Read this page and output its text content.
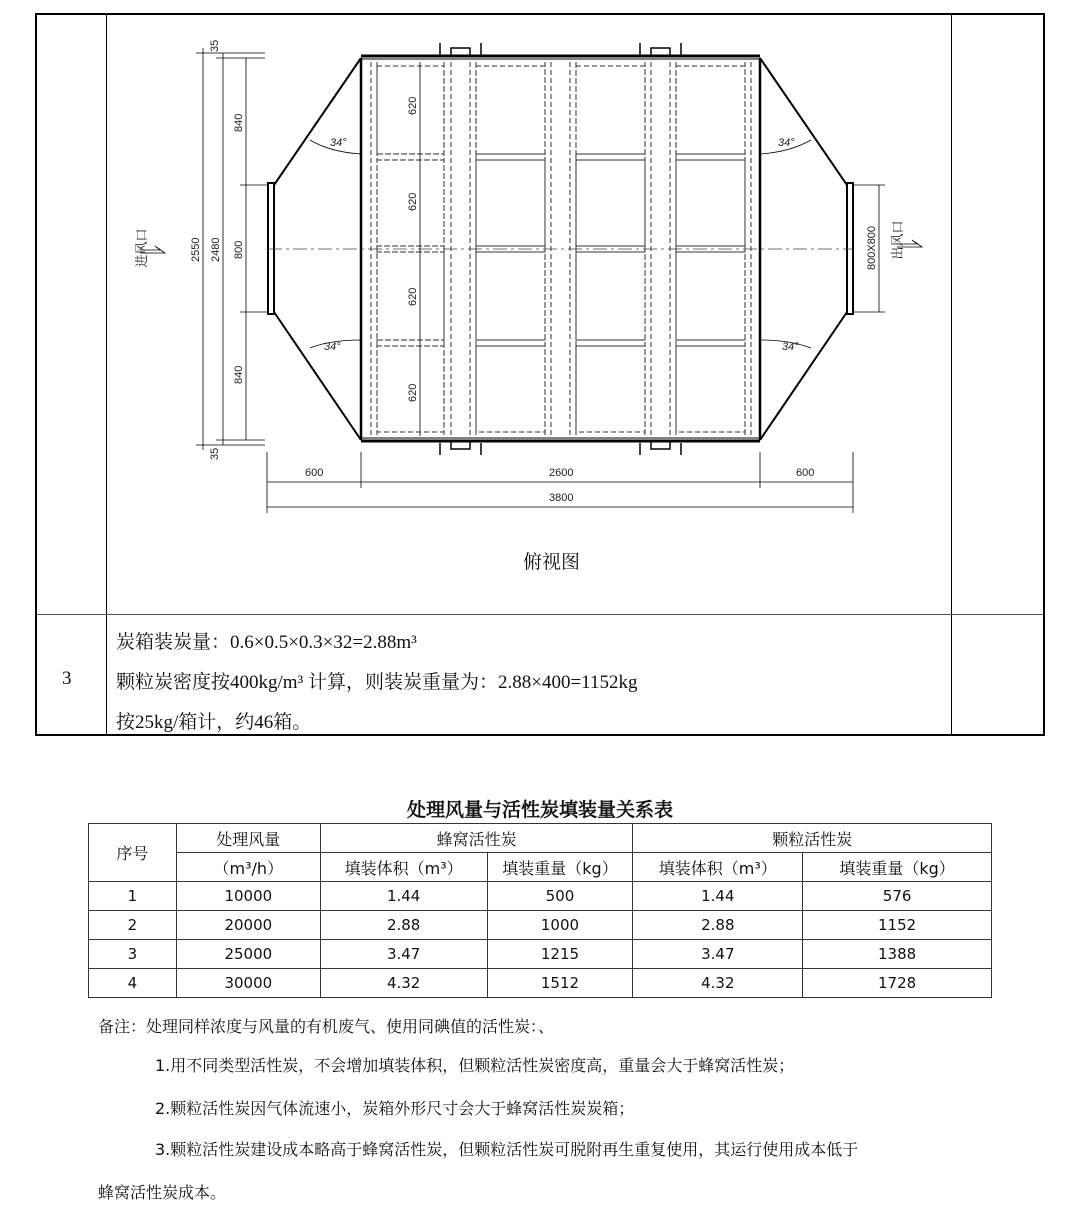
35
840
800
840
35
2550 2480
620
620
620
620
800X800
34°
34°
34°
34°
600	2600	600
3800
进风口	出风口
俯视图
3
炭箱装炭量：0.6×0.5×0.3×32=2.88m³
颗粒炭密度按400kg/m³ 计算，则装炭重量为：2.88×400=1152kg
按25kg/箱计，约46箱。
处理风量与活性炭填装量关系表
序号	处理风量	蜂窝活性炭		颗粒活性炭	
	（m³/h）	填装体积（m³）	填装重量（kg）	填装体积（m³）	填装重量（kg）
1	10000	1.44	500	1.44	576
2	20000	2.88	1000	2.88	1152
3	25000	3.47	1215	3.47	1388
4	30000	4.32	1512	4.32	1728
备注：处理同样浓度与风量的有机废气、使用同碘值的活性炭：、
1.用不同类型活性炭，不会增加填装体积，但颗粒活性炭密度高，重量会大于蜂窝活性炭；
2.颗粒活性炭因气体流速小，炭箱外形尺寸会大于蜂窝活性炭炭箱；
3.颗粒活性炭建设成本略高于蜂窝活性炭，但颗粒活性炭可脱附再生重复使用，其运行使用成本低于
蜂窝活性炭成本。
